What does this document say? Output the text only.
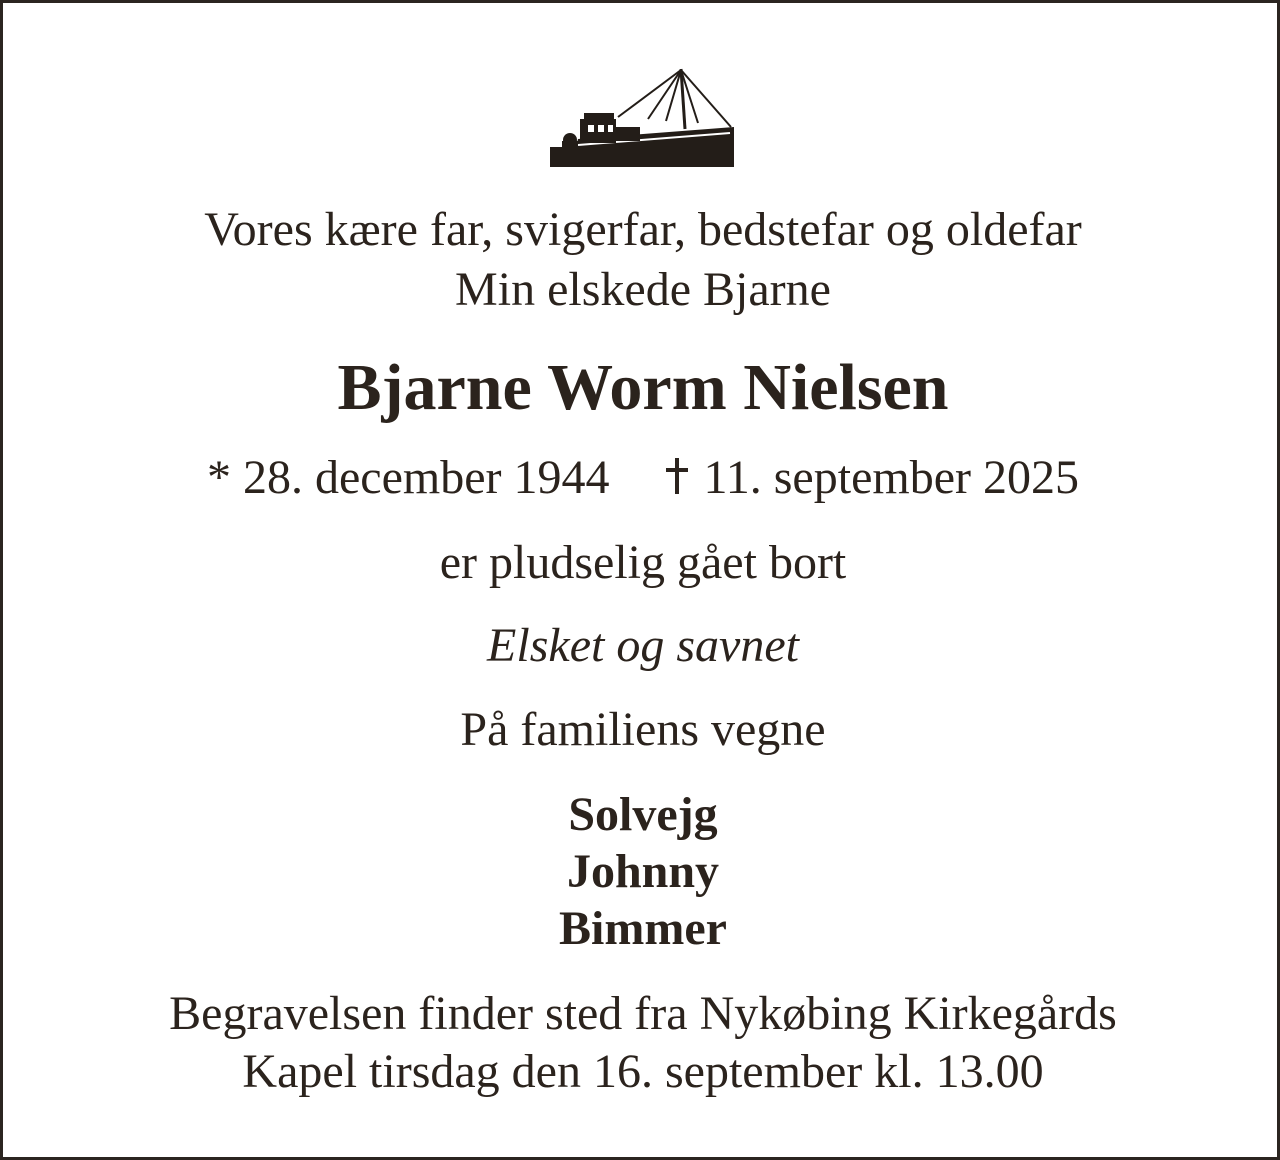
Vores kære far, svigerfar, bedstefar og oldefar
Min elskede Bjarne
Bjarne Worm Nielsen
* 28. december 1944 11. september 2025
er pludselig gået bort
Elsket og savnet
På familiens vegne
Solvejg
Johnny
Bimmer
Begravelsen finder sted fra Nykøbing Kirkegårds
Kapel tirsdag den 16. september kl. 13.00
